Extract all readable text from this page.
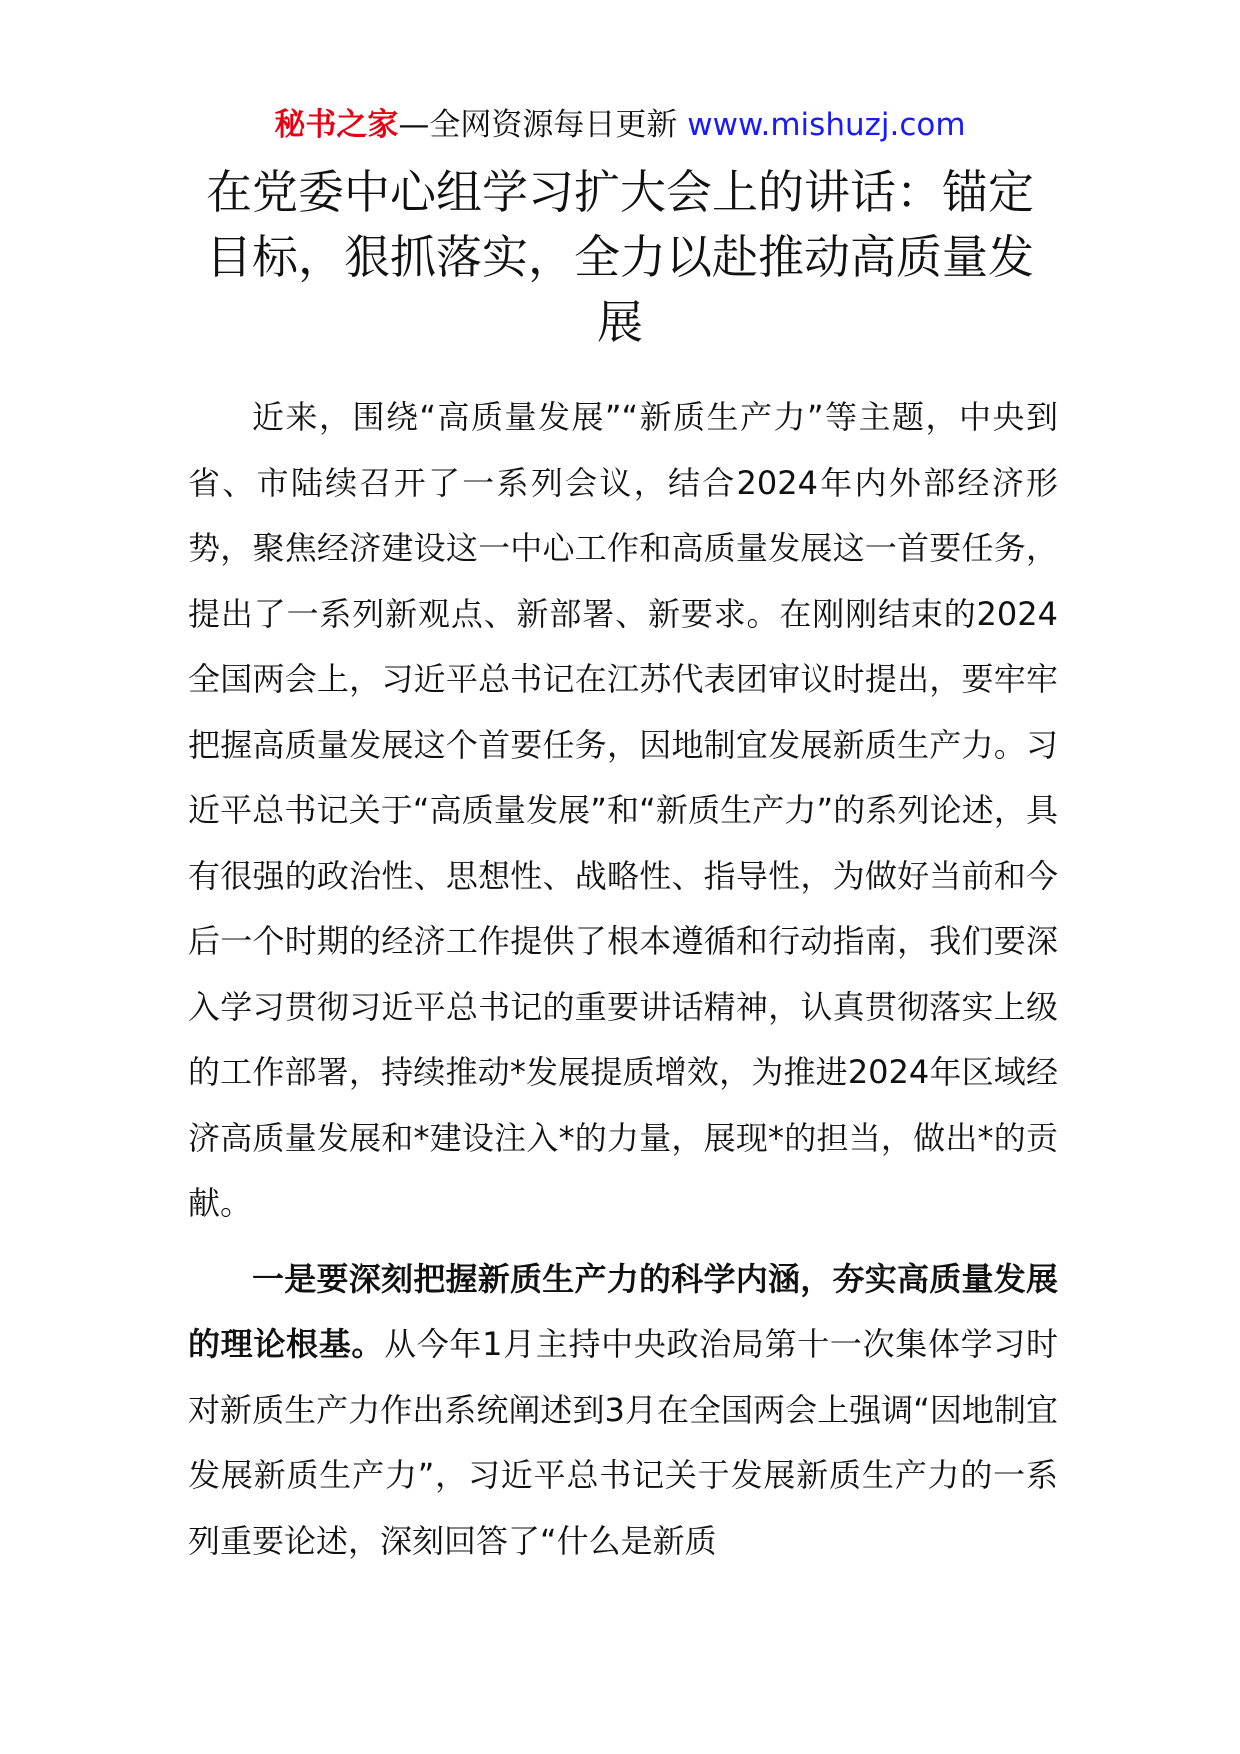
秘书之家—全网资源每日更新 www.mishuzj.com
在党委中心组学习扩大会上的讲话：锚定目标，狠抓落实，全力以赴推动高质量发展

近来，围绕“高质量发展”“新质生产力”等主题，中央到省、市陆续召开了一系列会议，结合2024年内外部经济形势，聚焦经济建设这一中心工作和高质量发展这一首要任务，提出了一系列新观点、新部署、新要求。在刚刚结束的2024全国两会上，习近平总书记在江苏代表团审议时提出，要牢牢把握高质量发展这个首要任务，因地制宜发展新质生产力。习近平总书记关于“高质量发展”和“新质生产力”的系列论述，具有很强的政治性、思想性、战略性、指导性，为做好当前和今后一个时期的经济工作提供了根本遵循和行动指南，我们要深入学习贯彻习近平总书记的重要讲话精神，认真贯彻落实上级的工作部署，持续推动*发展提质增效，为推进2024年区域经济高质量发展和*建设注入*的力量，展现*的担当，做出*的贡献。

一是要深刻把握新质生产力的科学内涵，夯实高质量发展的理论根基。从今年1月主持中央政治局第十一次集体学习时对新质生产力作出系统阐述到3月在全国两会上强调“因地制宜发展新质生产力”，习近平总书记关于发展新质生产力的一系列重要论述，深刻回答了“什么是新质
